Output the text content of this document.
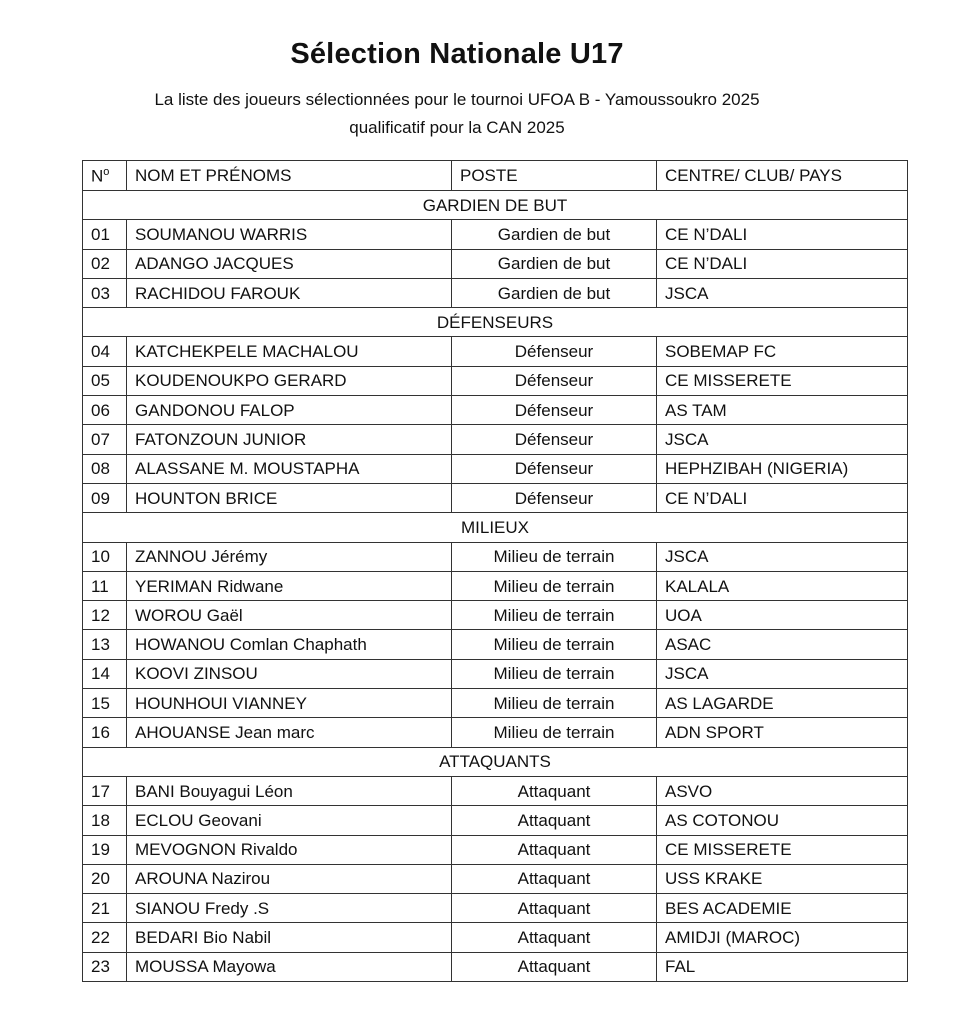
Sélection Nationale U17
La liste des joueurs sélectionnées pour le tournoi UFOA B - Yamoussoukro 2025
qualificatif pour la CAN 2025
$N^o$	NOM ET PRÉNOMS	POSTE	CENTRE/ CLUB/ PAYS
GARDIEN DE BUT			
01	SOUMANOU WARRIS	Gardien de but	CE N’DALI
02	ADANGO JACQUES	Gardien de but	CE N’DALI
03	RACHIDOU FAROUK	Gardien de but	JSCA
DÉFENSEURS			
04	KATCHEKPELE MACHALOU	Défenseur	SOBEMAP FC
05	KOUDENOUKPO GERARD	Défenseur	CE MISSERETE
06	GANDONOU FALOP	Défenseur	AS TAM
07	FATONZOUN JUNIOR	Défenseur	JSCA
08	ALASSANE M. MOUSTAPHA	Défenseur	HEPHZIBAH (NIGERIA)
09	HOUNTON BRICE	Défenseur	CE N’DALI
MILIEUX			
10	ZANNOU Jérémy	Milieu de terrain	JSCA
11	YERIMAN Ridwane	Milieu de terrain	KALALA
12	WOROU Gaël	Milieu de terrain	UOA
13	HOWANOU Comlan Chaphath	Milieu de terrain	ASAC
14	KOOVI ZINSOU	Milieu de terrain	JSCA
15	HOUNHOUI VIANNEY	Milieu de terrain	AS LAGARDE
16	AHOUANSE Jean marc	Milieu de terrain	ADN SPORT
ATTAQUANTS			
17	BANI Bouyagui Léon	Attaquant	ASVO
18	ECLOU Geovani	Attaquant	AS COTONOU
19	MEVOGNON Rivaldo	Attaquant	CE MISSERETE
20	AROUNA Nazirou	Attaquant	USS KRAKE
21	SIANOU Fredy .S	Attaquant	BES ACADEMIE
22	BEDARI Bio Nabil	Attaquant	AMIDJI (MAROC)
23	MOUSSA Mayowa	Attaquant	FAL
